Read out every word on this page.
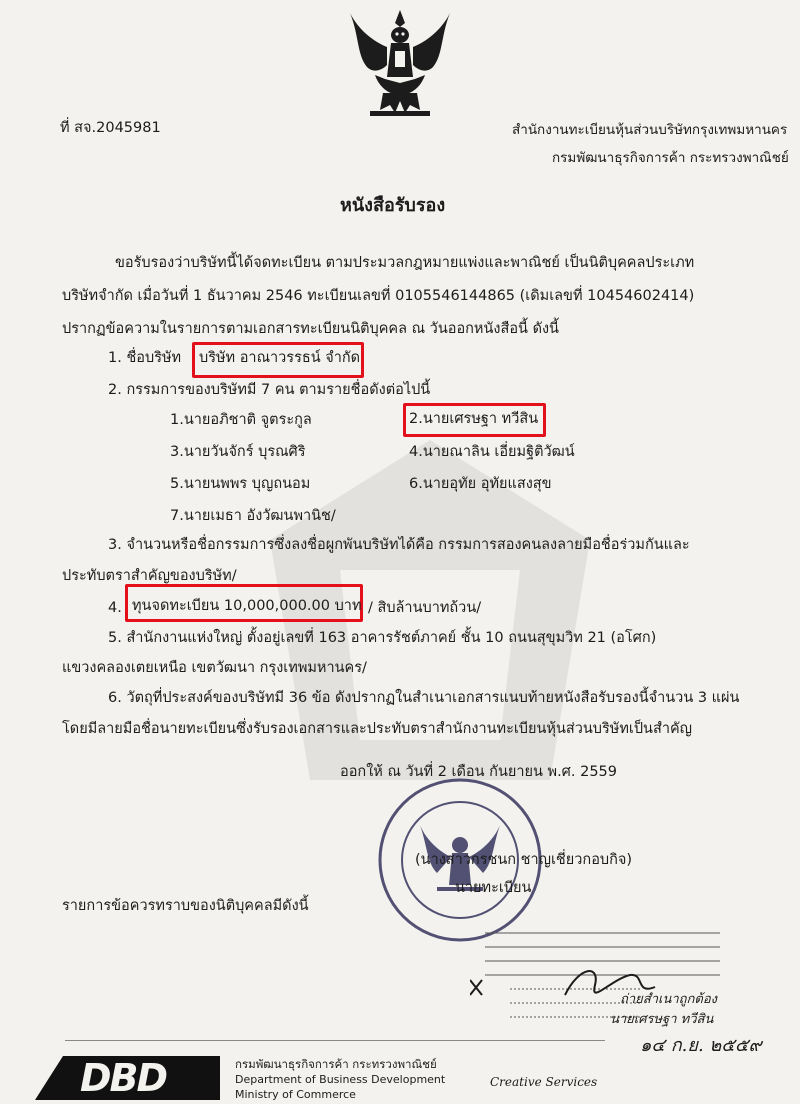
ที่ สจ.2045981	สำนักงานทะเบียนหุ้นส่วนบริษัทกรุงเทพมหานคร
กรมพัฒนาธุรกิจการค้า กระทรวงพาณิชย์
หนังสือรับรอง
ขอรับรองว่าบริษัทนี้ได้จดทะเบียน ตามประมวลกฎหมายแพ่งและพาณิชย์ เป็นนิติบุคคลประเภท
บริษัทจำกัด เมื่อวันที่ 1 ธันวาคม 2546 ทะเบียนเลขที่ 0105546144865 (เดิมเลขที่ 10454602414)
ปรากฏข้อความในรายการตามเอกสารทะเบียนนิติบุคคล ณ วันออกหนังสือนี้ ดังนี้
1. ชื่อบริษัท บริษัท อาณาวรรธน์ จำกัด
2. กรรมการของบริษัทมี 7 คน ตามรายชื่อดังต่อไปนี้
1.นายอภิชาติ จูตระกูล	2.นายเศรษฐา ทวีสิน
3.นายวันจักร์ บุรณศิริ	4.นายณาลิน เอี่ยมฐิติวัฒน์
5.นายนพพร บุญถนอม	6.นายอุทัย อุทัยแสงสุข
7.นายเมธา อังวัฒนพานิช/
3. จำนวนหรือชื่อกรรมการซึ่งลงชื่อผูกพันบริษัทได้คือ กรรมการสองคนลงลายมือชื่อร่วมกันและ
ประทับตราสำคัญของบริษัท/
4. ทุนจดทะเบียน 10,000,000.00 บาท / สิบล้านบาทถ้วน/
5. สำนักงานแห่งใหญ่ ตั้งอยู่เลขที่ 163 อาคารรัชต์ภาคย์ ชั้น 10 ถนนสุขุมวิท 21 (อโศก)
แขวงคลองเตยเหนือ เขตวัฒนา กรุงเทพมหานคร/
6. วัตถุที่ประสงค์ของบริษัทมี 36 ข้อ ดังปรากฏในสำเนาเอกสารแนบท้ายหนังสือรับรองนี้จำนวน 3 แผ่น
โดยมีลายมือชื่อนายทะเบียนซึ่งรับรองเอกสารและประทับตราสำนักงานทะเบียนหุ้นส่วนบริษัทเป็นสำคัญ
ออกให้ ณ วันที่ 2 เดือน กันยายน พ.ศ. 2559
(นางสาวกรชนก ชาญเชี่ยวกอบกิจ)
นายทะเบียน
รายการข้อควรทราบของนิติบุคคลมีดังนี้
ถ่ายสำเนาถูกต้อง
นายเศรษฐา ทวีสิน
๑๔ ก.ย. ๒๕๕๙
DBD	กรมพัฒนาธุรกิจการค้า กระทรวงพาณิชย์
Department of Business Development
Ministry of Commerce
Creative Services
